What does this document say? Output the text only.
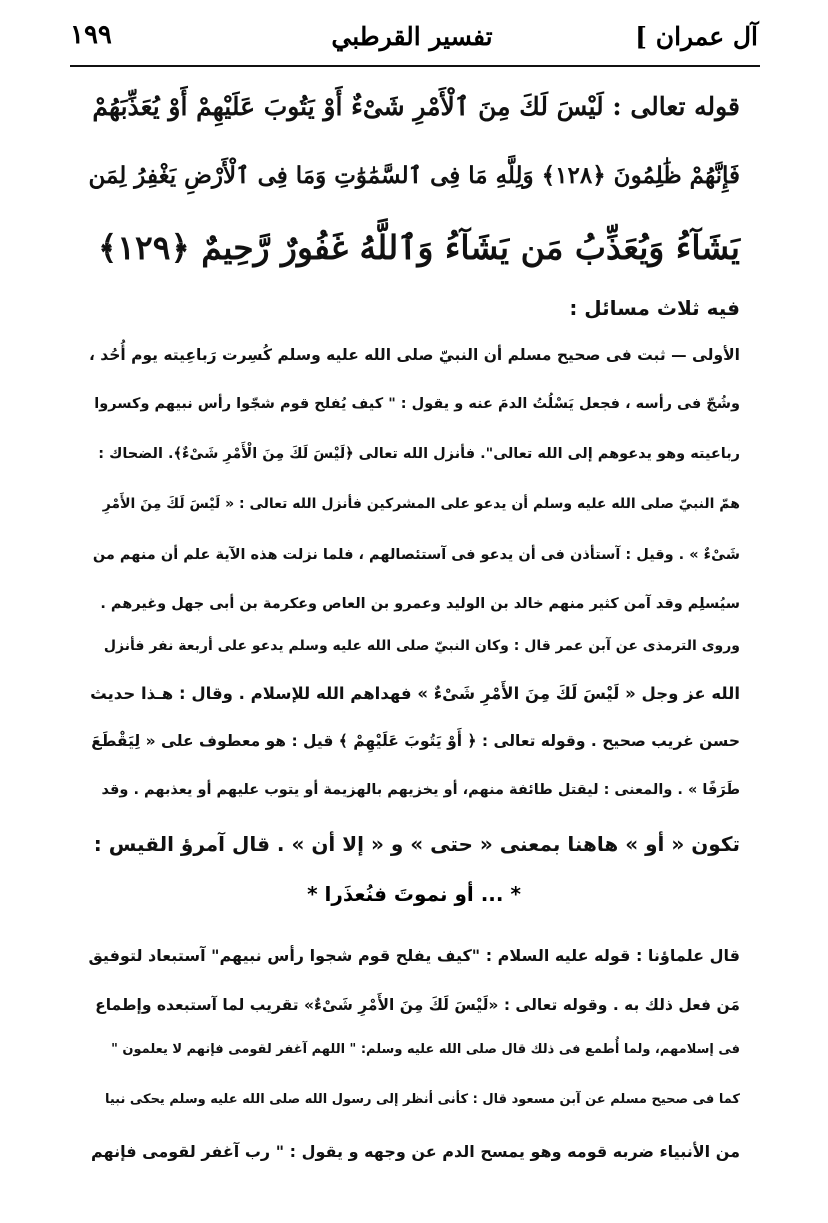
آل عمران ]
تفسير القرطبي
١٩٩
قوله تعالى : لَيْسَ لَكَ مِنَ ٱلْأَمْرِ شَىْءٌ أَوْ يَتُوبَ عَلَيْهِمْ أَوْ يُعَذِّبَهُمْ
فَإِنَّهُمْ ظَٰلِمُونَ ﴿١٢٨﴾ وَلِلَّهِ مَا فِى ٱلسَّمَٰوَٰتِ وَمَا فِى ٱلْأَرْضِ يَغْفِرُ لِمَن
يَشَآءُ وَيُعَذِّبُ مَن يَشَآءُ وَٱللَّهُ غَفُورٌ رَّحِيمٌ ﴿١٢٩﴾
فيه ثلاث مسائل :
الأولى — ثبت فى صحيح مسلم أن النبيّ صلى الله عليه وسلم كُسِرت رَباعِيته يوم أُحُد ،
وشُجّ فى رأسه ، فجعل يَسْلُتُ الدمَ عنه و يقول : " كيف يُفلح قوم شجّوا رأس نبيهم وكسروا
رباعيته وهو يدعوهم إلى الله تعالى". فأنزل الله تعالى ﴿لَيْسَ لَكَ مِنَ الْأَمْرِ شَىْءٌ﴾. الضحاك :
همّ النبيّ صلى الله عليه وسلم أن يدعو على المشركين فأنزل الله تعالى : « لَيْسَ لَكَ مِنَ الأَمْرِ
شَىْءٌ » . وقيل : آستأذن فى أن يدعو فى آستئصالهم ، فلما نزلت هذه الآية علم أن منهم من
سيُسلِم وقد آمن كثير منهم خالد بن الوليد وعمرو بن العاص وعكرمة بن أبى جهل وغيرهم .
وروى الترمذى عن آبن عمر قال : وكان النبيّ صلى الله عليه وسلم يدعو على أربعة نفر فأنزل
الله عز وجل « لَيْسَ لَكَ مِنَ الأَمْرِ شَىْءٌ » فهداهم الله للإسلام . وقال : هـذا حديث
حسن غريب صحيح . وقوله تعالى : ﴿ أَوْ يَتُوبَ عَلَيْهِمْ ﴾ قيل : هو معطوف على « لِيَقْطَعَ
طَرَفًا » . والمعنى : ليقتل طائفة منهم، أو يخزيهم بالهزيمة أو يتوب عليهم أو يعذبهم . وقد
تكون « أو » هاهنا بمعنى « حتى » و « إلا أن » . قال آمرؤ القيس :
* ... أو نموتَ فنُعذَرا *
قال علماؤنا : قوله عليه السلام : "كيف يفلح قوم شجوا رأس نبيهم" آستبعاد لتوفيق
مَن فعل ذلك به . وقوله تعالى : «لَيْسَ لَكَ مِنَ الأَمْرِ شَىْءٌ» تقريب لما آستبعده وإطماع
فى إسلامهم، ولما أُطمع فى ذلك قال صلى الله عليه وسلم: " اللهم آغفر لقومى فإنهم لا يعلمون "
كما فى صحيح مسلم عن آبن مسعود قال : كأنى أنظر إلى رسول الله صلى الله عليه وسلم يحكى نبيا
من الأنبياء ضربه قومه وهو يمسح الدم عن وجهه و يقول : " رب آغفر لقومى فإنهم
